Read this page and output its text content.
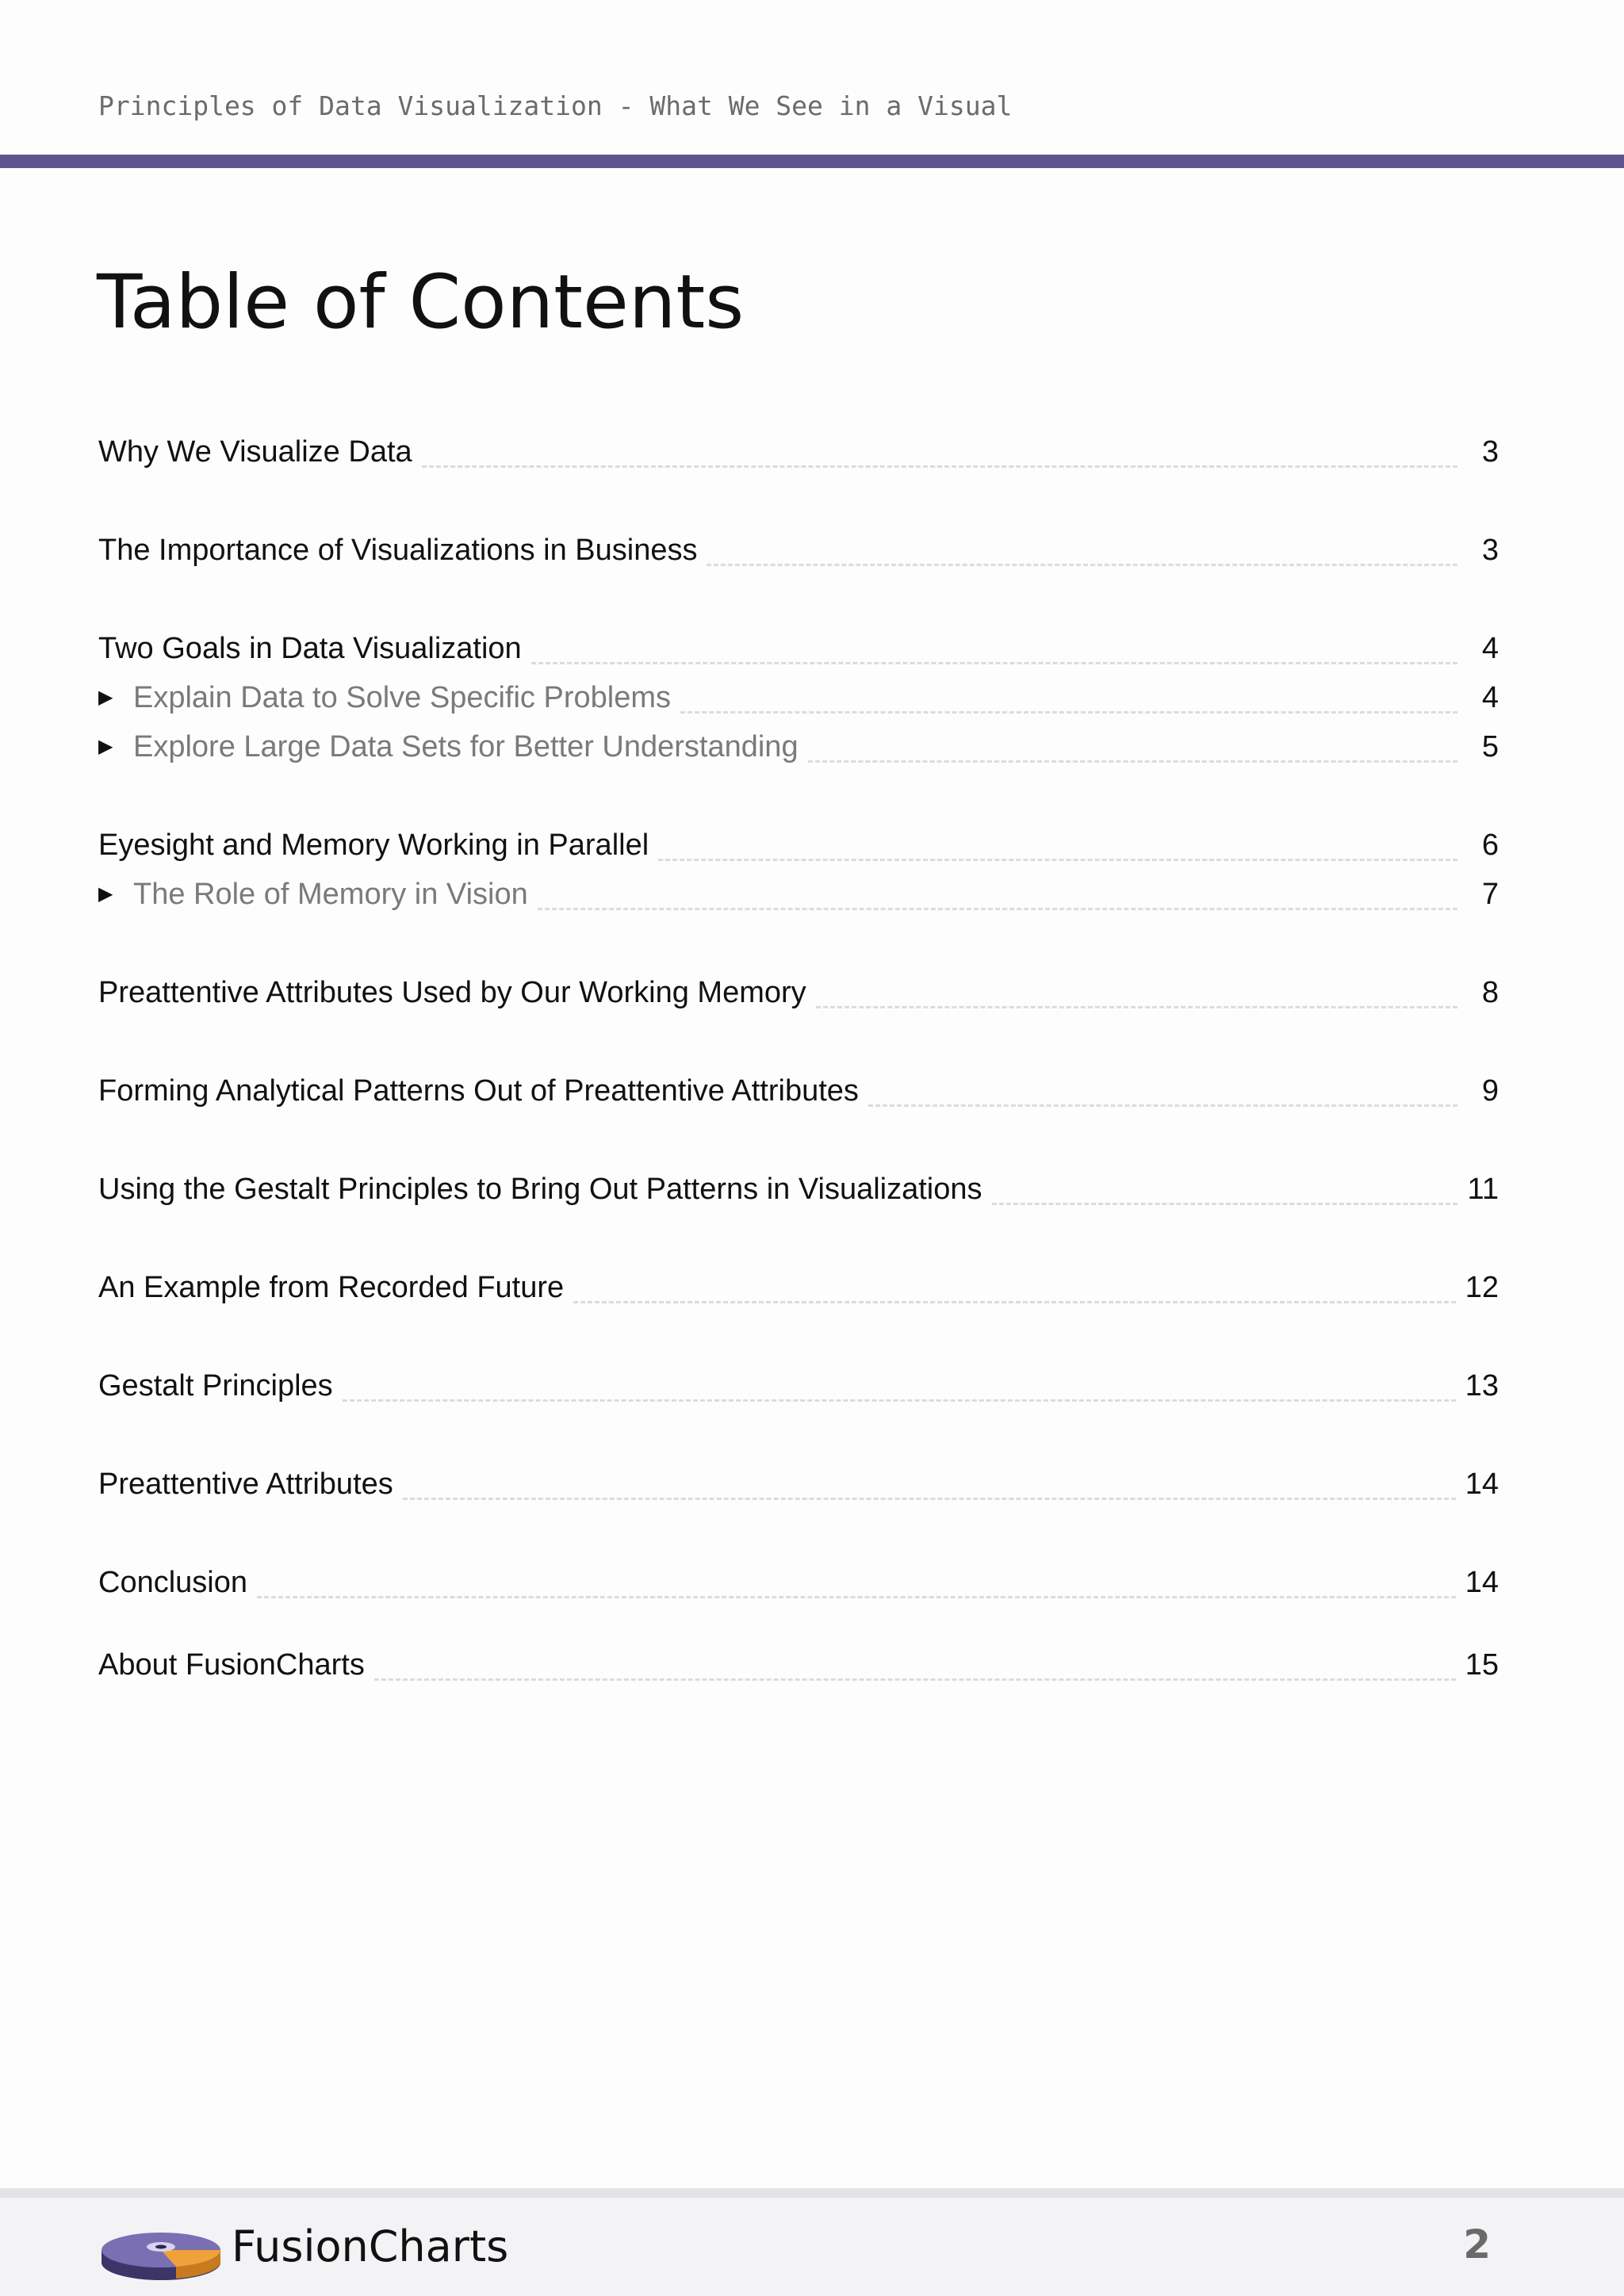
Principles of Data Visualization - What We See in a Visual
Table of Contents
Why We Visualize Data	3
The Importance of Visualizations in Business	3
Two Goals in Data Visualization	4
▶ Explain Data to Solve Specific Problems	4
▶ Explore Large Data Sets for Better Understanding	5
Eyesight and Memory Working in Parallel	6
▶ The Role of Memory in Vision	7
Preattentive Attributes Used by Our Working Memory	8
Forming Analytical Patterns Out of Preattentive Attributes	9
Using the Gestalt Principles to Bring Out Patterns in Visualizations	11
An Example from Recorded Future	12
Gestalt Principles	13
Preattentive Attributes	14
Conclusion	14
About FusionCharts	15
FusionCharts	2
